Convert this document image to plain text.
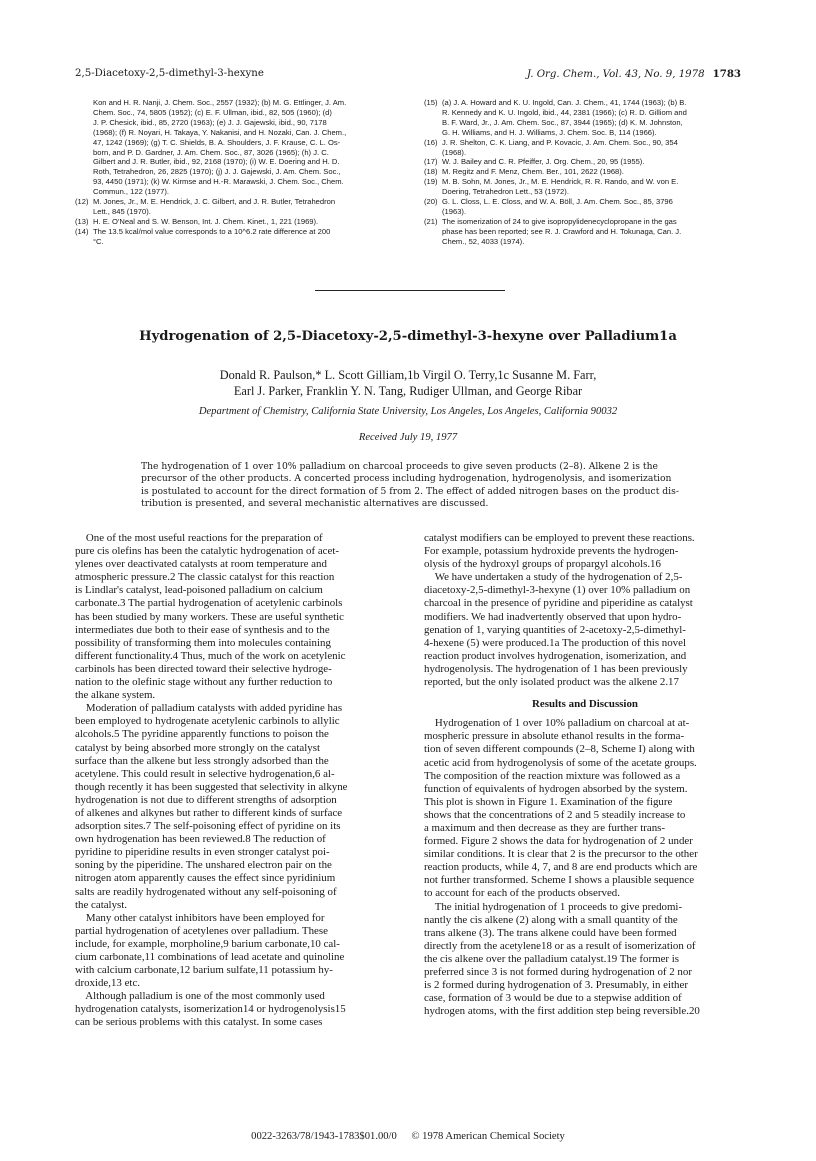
2,5-Diacetoxy-2,5-dimethyl-3-hexyne	J. Org. Chem., Vol. 43, No. 9, 1978 1783
Kon and H. R. Nanji, J. Chem. Soc., 2557 (1932); (b) M. G. Ettlinger, J. Am.
Chem. Soc., 74, 5805 (1952); (c) E. F. Ullman, ibid., 82, 505 (1960); (d)
J. P. Chesick, ibid., 85, 2720 (1963); (e) J. J. Gajewski, ibid., 90, 7178
(1968); (f) R. Noyari, H. Takaya, Y. Nakanisi, and H. Nozaki, Can. J. Chem.,
47, 1242 (1969); (g) T. C. Shields, B. A. Shoulders, J. F. Krause, C. L. Os-
born, and P. D. Gardner, J. Am. Chem. Soc., 87, 3026 (1965); (h) J. C.
Gilbert and J. R. Butler, ibid., 92, 2168 (1970); (i) W. E. Doering and H. D.
Roth, Tetrahedron, 26, 2825 (1970); (j) J. J. Gajewski, J. Am. Chem. Soc.,
93, 4450 (1971); (k) W. Kirmse and H.-R. Marawski, J. Chem. Soc., Chem.
Commun., 122 (1977).
(12) M. Jones, Jr., M. E. Hendrick, J. C. Gilbert, and J. R. Butler, Tetrahedron
Lett., 845 (1970).
(13) H. E. O'Neal and S. W. Benson, Int. J. Chem. Kinet., 1, 221 (1969).
(14) The 13.5 kcal/mol value corresponds to a 10^6.2 rate difference at 200
°C.
(15) (a) J. A. Howard and K. U. Ingold, Can. J. Chem., 41, 1744 (1963); (b) B.
R. Kennedy and K. U. Ingold, ibid., 44, 2381 (1966); (c) R. D. Gilliom and
B. F. Ward, Jr., J. Am. Chem. Soc., 87, 3944 (1965); (d) K. M. Johnston,
G. H. Williams, and H. J. Williams, J. Chem. Soc. B, 114 (1966).
(16) J. R. Shelton, C. K. Liang, and P. Kovacic, J. Am. Chem. Soc., 90, 354
(1968).
(17) W. J. Bailey and C. R. Pfeiffer, J. Org. Chem., 20, 95 (1955).
(18) M. Regitz and F. Menz, Chem. Ber., 101, 2622 (1968).
(19) M. B. Sohn, M. Jones, Jr., M. E. Hendrick, R. R. Rando, and W. von E.
Doering, Tetrahedron Lett., 53 (1972).
(20) G. L. Closs, L. E. Closs, and W. A. Böll, J. Am. Chem. Soc., 85, 3796
(1963).
(21) The isomerization of 24 to give isopropylidenecyclopropane in the gas
phase has been reported; see R. J. Crawford and H. Tokunaga, Can. J.
Chem., 52, 4033 (1974).
Hydrogenation of 2,5-Diacetoxy-2,5-dimethyl-3-hexyne over Palladium1a
Donald R. Paulson,* L. Scott Gilliam,1b Virgil O. Terry,1c Susanne M. Farr,
Earl J. Parker, Franklin Y. N. Tang, Rudiger Ullman, and George Ribar
Department of Chemistry, California State University, Los Angeles, Los Angeles, California 90032
Received July 19, 1977
The hydrogenation of 1 over 10% palladium on charcoal proceeds to give seven products (2–8). Alkene 2 is the
precursor of the other products. A concerted process including hydrogenation, hydrogenolysis, and isomerization
is postulated to account for the direct formation of 5 from 2. The effect of added nitrogen bases on the product dis-
tribution is presented, and several mechanistic alternatives are discussed.
One of the most useful reactions for the preparation of
pure cis olefins has been the catalytic hydrogenation of acet-
ylenes over deactivated catalysts at room temperature and
atmospheric pressure.2 The classic catalyst for this reaction
is Lindlar's catalyst, lead-poisoned palladium on calcium
carbonate.3 The partial hydrogenation of acetylenic carbinols
has been studied by many workers. These are useful synthetic
intermediates due both to their ease of synthesis and to the
possibility of transforming them into molecules containing
different functionality.4 Thus, much of the work on acetylenic
carbinols has been directed toward their selective hydroge-
nation to the olefinic stage without any further reduction to
the alkane system.
Moderation of palladium catalysts with added pyridine has
been employed to hydrogenate acetylenic carbinols to allylic
alcohols.5 The pyridine apparently functions to poison the
catalyst by being absorbed more strongly on the catalyst
surface than the alkene but less strongly adsorbed than the
acetylene. This could result in selective hydrogenation,6 al-
though recently it has been suggested that selectivity in alkyne
hydrogenation is not due to different strengths of adsorption
of alkenes and alkynes but rather to different kinds of surface
adsorption sites.7 The self-poisoning effect of pyridine on its
own hydrogenation has been reviewed.8 The reduction of
pyridine to piperidine results in even stronger catalyst poi-
soning by the piperidine. The unshared electron pair on the
nitrogen atom apparently causes the effect since pyridinium
salts are readily hydrogenated without any self-poisoning of
the catalyst.
Many other catalyst inhibitors have been employed for
partial hydrogenation of acetylenes over palladium. These
include, for example, morpholine,9 barium carbonate,10 cal-
cium carbonate,11 combinations of lead acetate and quinoline
with calcium carbonate,12 barium sulfate,11 potassium hy-
droxide,13 etc.
Although palladium is one of the most commonly used
hydrogenation catalysts, isomerization14 or hydrogenolysis15
can be serious problems with this catalyst. In some cases
catalyst modifiers can be employed to prevent these reactions.
For example, potassium hydroxide prevents the hydrogen-
olysis of the hydroxyl groups of propargyl alcohols.16
We have undertaken a study of the hydrogenation of 2,5-
diacetoxy-2,5-dimethyl-3-hexyne (1) over 10% palladium on
charcoal in the presence of pyridine and piperidine as catalyst
modifiers. We had inadvertently observed that upon hydro-
genation of 1, varying quantities of 2-acetoxy-2,5-dimethyl-
4-hexene (5) were produced.1a The production of this novel
reaction product involves hydrogenation, isomerization, and
hydrogenolysis. The hydrogenation of 1 has been previously
reported, but the only isolated product was the alkene 2.17
Results and Discussion
Hydrogenation of 1 over 10% palladium on charcoal at at-
mospheric pressure in absolute ethanol results in the forma-
tion of seven different compounds (2–8, Scheme I) along with
acetic acid from hydrogenolysis of some of the acetate groups.
The composition of the reaction mixture was followed as a
function of equivalents of hydrogen absorbed by the system.
This plot is shown in Figure 1. Examination of the figure
shows that the concentrations of 2 and 5 steadily increase to
a maximum and then decrease as they are further trans-
formed. Figure 2 shows the data for hydrogenation of 2 under
similar conditions. It is clear that 2 is the precursor to the other
reaction products, while 4, 7, and 8 are end products which are
not further transformed. Scheme I shows a plausible sequence
to account for each of the products observed.
The initial hydrogenation of 1 proceeds to give predomi-
nantly the cis alkene (2) along with a small quantity of the
trans alkene (3). The trans alkene could have been formed
directly from the acetylene18 or as a result of isomerization of
the cis alkene over the palladium catalyst.19 The former is
preferred since 3 is not formed during hydrogenation of 2 nor
is 2 formed during hydrogenation of 3. Presumably, in either
case, formation of 3 would be due to a stepwise addition of
hydrogen atoms, with the first addition step being reversible.20
0022-3263/78/1943-1783$01.00/0 © 1978 American Chemical Society
